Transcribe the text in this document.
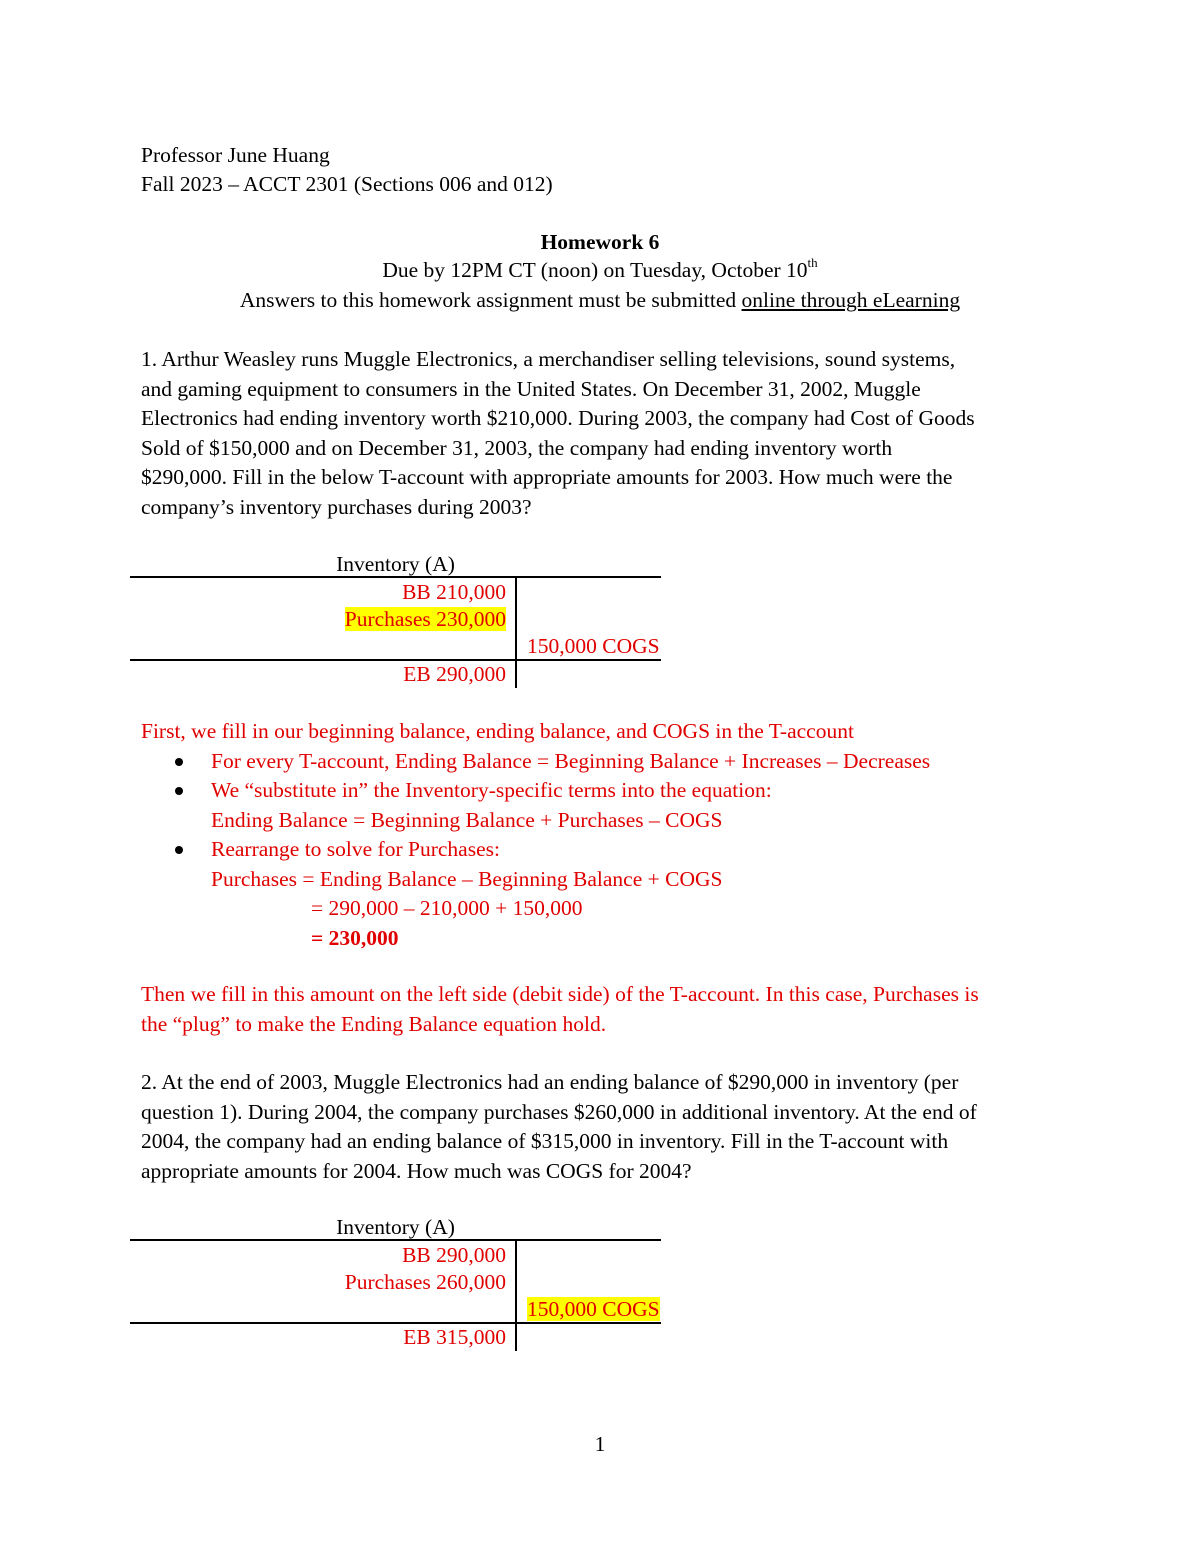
Professor June Huang
Fall 2023 – ACCT 2301 (Sections 006 and 012)
Homework 6
Due by 12PM CT (noon) on Tuesday, October 10th
Answers to this homework assignment must be submitted online through eLearning
1. Arthur Weasley runs Muggle Electronics, a merchandiser selling televisions, sound systems,
and gaming equipment to consumers in the United States. On December 31, 2002, Muggle
Electronics had ending inventory worth $210,000. During 2003, the company had Cost of Goods
Sold of $150,000 and on December 31, 2003, the company had ending inventory worth
$290,000. Fill in the below T-account with appropriate amounts for 2003. How much were the
company’s inventory purchases during 2003?
Inventory (A)
BB 210,000
Purchases 230,000
150,000 COGS
EB 290,000
First, we fill in our beginning balance, ending balance, and COGS in the T-account
For every T-account, Ending Balance = Beginning Balance + Increases – Decreases
We “substitute in” the Inventory-specific terms into the equation:
Ending Balance = Beginning Balance + Purchases – COGS
Rearrange to solve for Purchases:
Purchases = Ending Balance – Beginning Balance + COGS
= 290,000 – 210,000 + 150,000
= 230,000
Then we fill in this amount on the left side (debit side) of the T-account. In this case, Purchases is
the “plug” to make the Ending Balance equation hold.
2. At the end of 2003, Muggle Electronics had an ending balance of $290,000 in inventory (per
question 1). During 2004, the company purchases $260,000 in additional inventory. At the end of
2004, the company had an ending balance of $315,000 in inventory. Fill in the T-account with
appropriate amounts for 2004. How much was COGS for 2004?
Inventory (A)
BB 290,000
Purchases 260,000
150,000 COGS
EB 315,000
1
